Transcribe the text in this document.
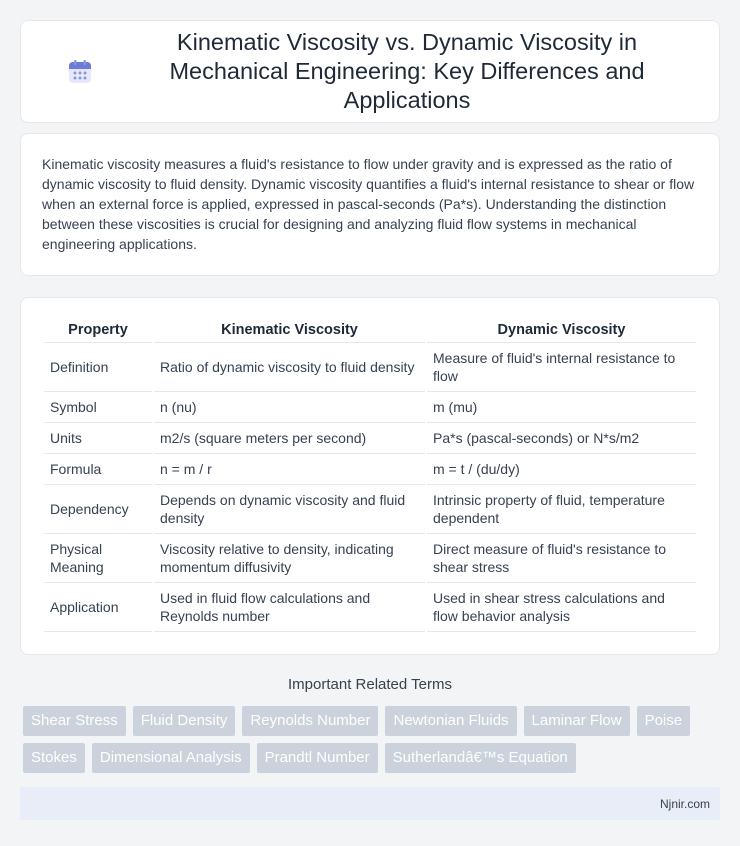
Kinematic Viscosity vs. Dynamic Viscosity in Mechanical Engineering: Key Differences and Applications

Kinematic viscosity measures a fluid's resistance to flow under gravity and is expressed as the ratio of dynamic viscosity to fluid density. Dynamic viscosity quantifies a fluid's internal resistance to shear or flow when an external force is applied, expressed in pascal-seconds (Pa*s). Understanding the distinction between these viscosities is crucial for designing and analyzing fluid flow systems in mechanical engineering applications.

Property	Kinematic Viscosity	Dynamic Viscosity
Definition	Ratio of dynamic viscosity to fluid density	Measure of fluid's internal resistance to flow
Symbol	n (nu)	m (mu)
Units	m2/s (square meters per second)	Pa*s (pascal-seconds) or N*s/m2
Formula	n = m / r	m = t / (du/dy)
Dependency	Depends on dynamic viscosity and fluid density	Intrinsic property of fluid, temperature dependent
Physical Meaning	Viscosity relative to density, indicating momentum diffusivity	Direct measure of fluid's resistance to shear stress
Application	Used in fluid flow calculations and Reynolds number	Used in shear stress calculations and flow behavior analysis
Important Related Terms
Shear Stress	Fluid Density	Reynolds Number	Newtonian Fluids	Laminar Flow	Poise
Stokes	Dimensional Analysis	Prandtl Number	Sutherlandâ€™s Equation
Njnir.com
